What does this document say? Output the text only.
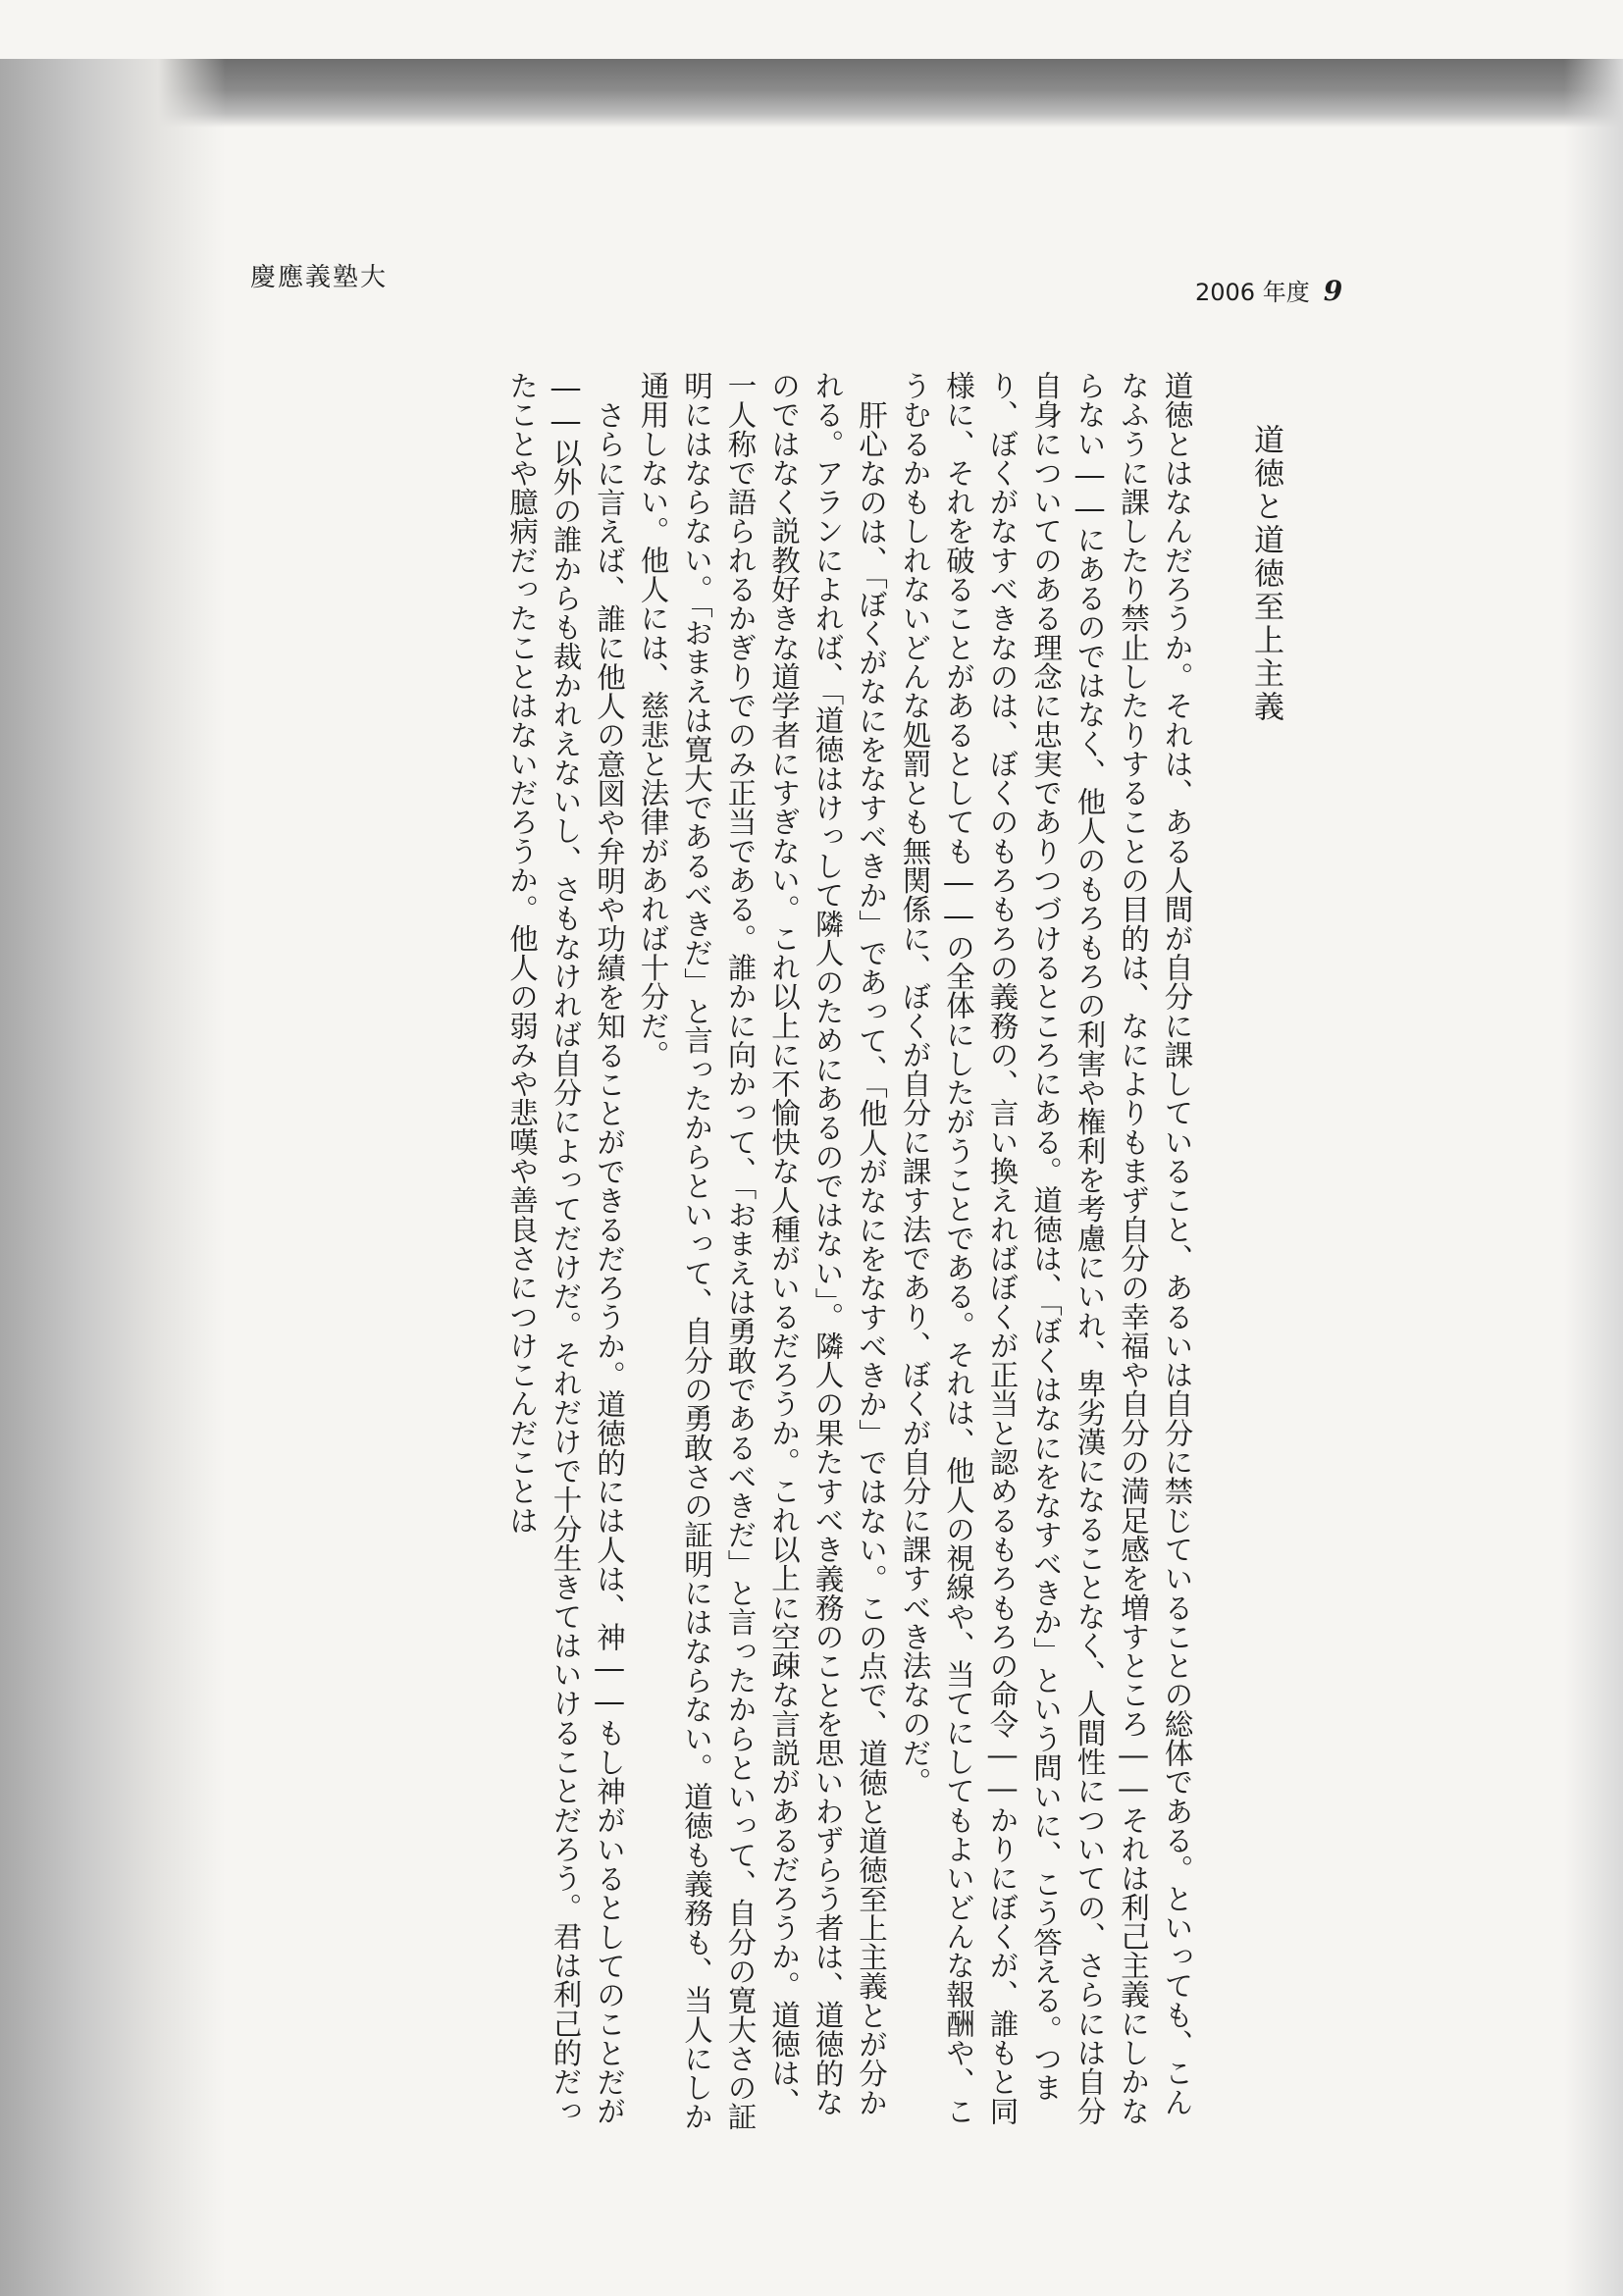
慶應義塾大	2006 年度 9
道徳と道徳至上主義

道徳とはなんだろうか。それは、ある人間が自分に課していること、あるいは自分に禁じていることの総体である。といっても、こんなふうに課したり禁止したりすることの目的は、なによりもまず自分の幸福や自分の満足感を増すところ――それは利己主義にしかならない――にあるのではなく、他人のもろもろの利害や権利を考慮にいれ、卑劣漢になることなく、人間性についての、さらには自分自身についてのある理念に忠実でありつづけるところにある。道徳は、「ぼくはなにをなすべきか」という問いに、こう答える。つまり、ぼくがなすべきなのは、ぼくのもろもろの義務の、言い換えればぼくが正当と認めるもろもろの命令――かりにぼくが、誰もと同様に、それを破ることがあるとしても――の全体にしたがうことである。それは、他人の視線や、当てにしてもよいどんな報酬や、こうむるかもしれないどんな処罰とも無関係に、ぼくが自分に課す法であり、ぼくが自分に課すべき法なのだ。

肝心なのは、「ぼくがなにをなすべきか」であって、「他人がなにをなすべきか」ではない。この点で、道徳と道徳至上主義とが分かれる。アランによれば、「道徳はけっして隣人のためにあるのではない」。隣人の果たすべき義務のことを思いわずらう者は、道徳的なのではなく説教好きな道学者にすぎない。これ以上に不愉快な人種がいるだろうか。これ以上に空疎な言説があるだろうか。道徳は、一人称で語られるかぎりでのみ正当である。誰かに向かって、「おまえは勇敢であるべきだ」と言ったからといって、自分の寛大さの証明にはならない。「おまえは寛大であるべきだ」と言ったからといって、自分の勇敢さの証明にはならない。道徳も義務も、当人にしか通用しない。他人には、慈悲と法律があれば十分だ。

さらに言えば、誰に他人の意図や弁明や功績を知ることができるだろうか。道徳的には人は、神――もし神がいるとしてのことだが――以外の誰からも裁かれえないし、さもなければ自分によってだけだ。それだけで十分生きてはいけることだろう。君は利己的だったことや臆病だったことはないだろうか。他人の弱みや悲嘆や善良さにつけこんだことは
